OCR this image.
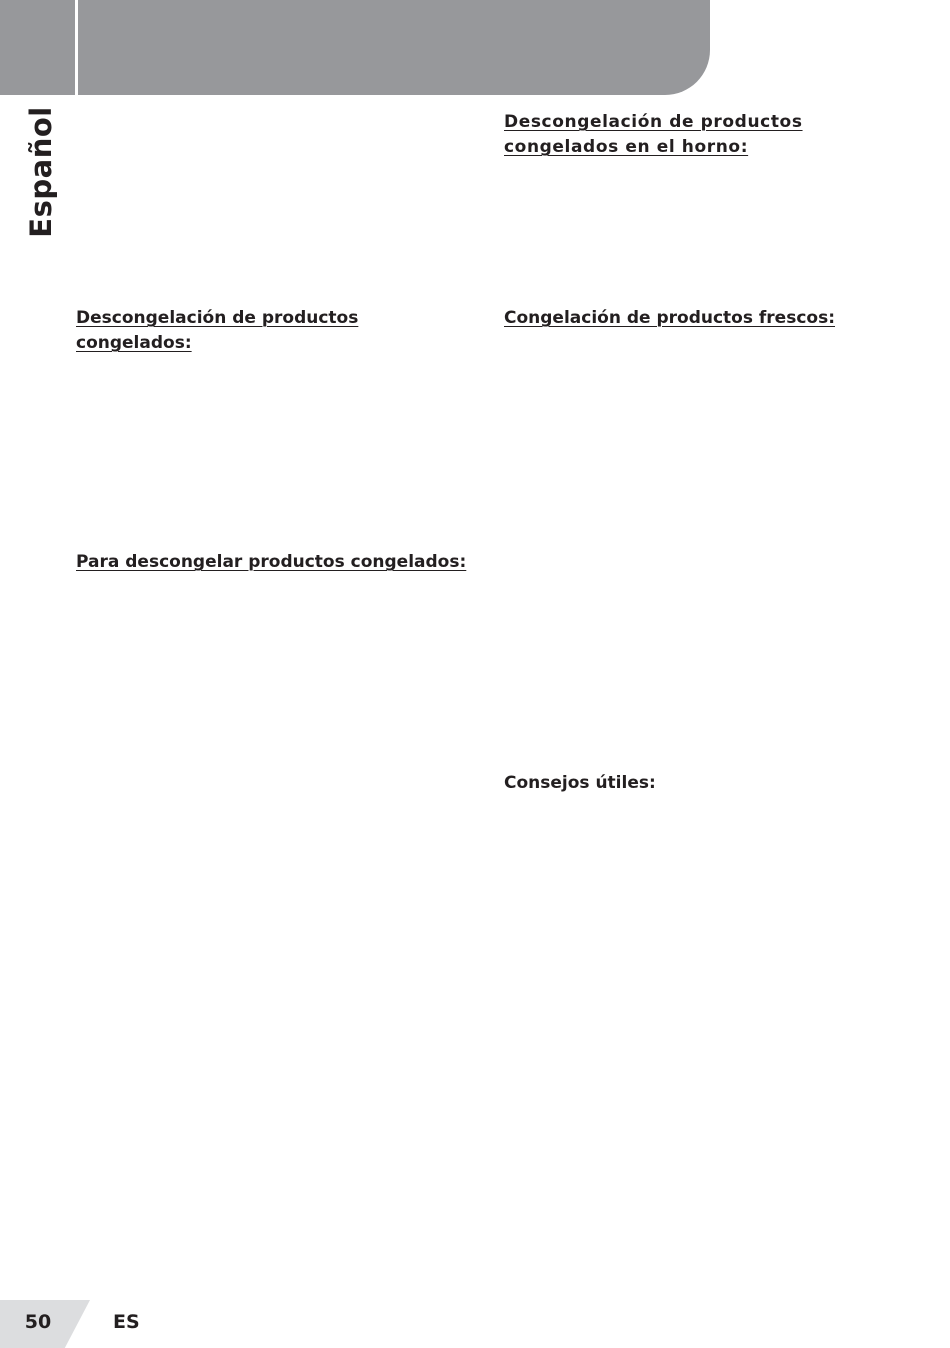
Español	Descongelación de productos congelados en el horno:
Descongelación de productos congelados:
Congelación de productos frescos:
Para descongelar productos congelados:
Consejos útiles:
50	ES
